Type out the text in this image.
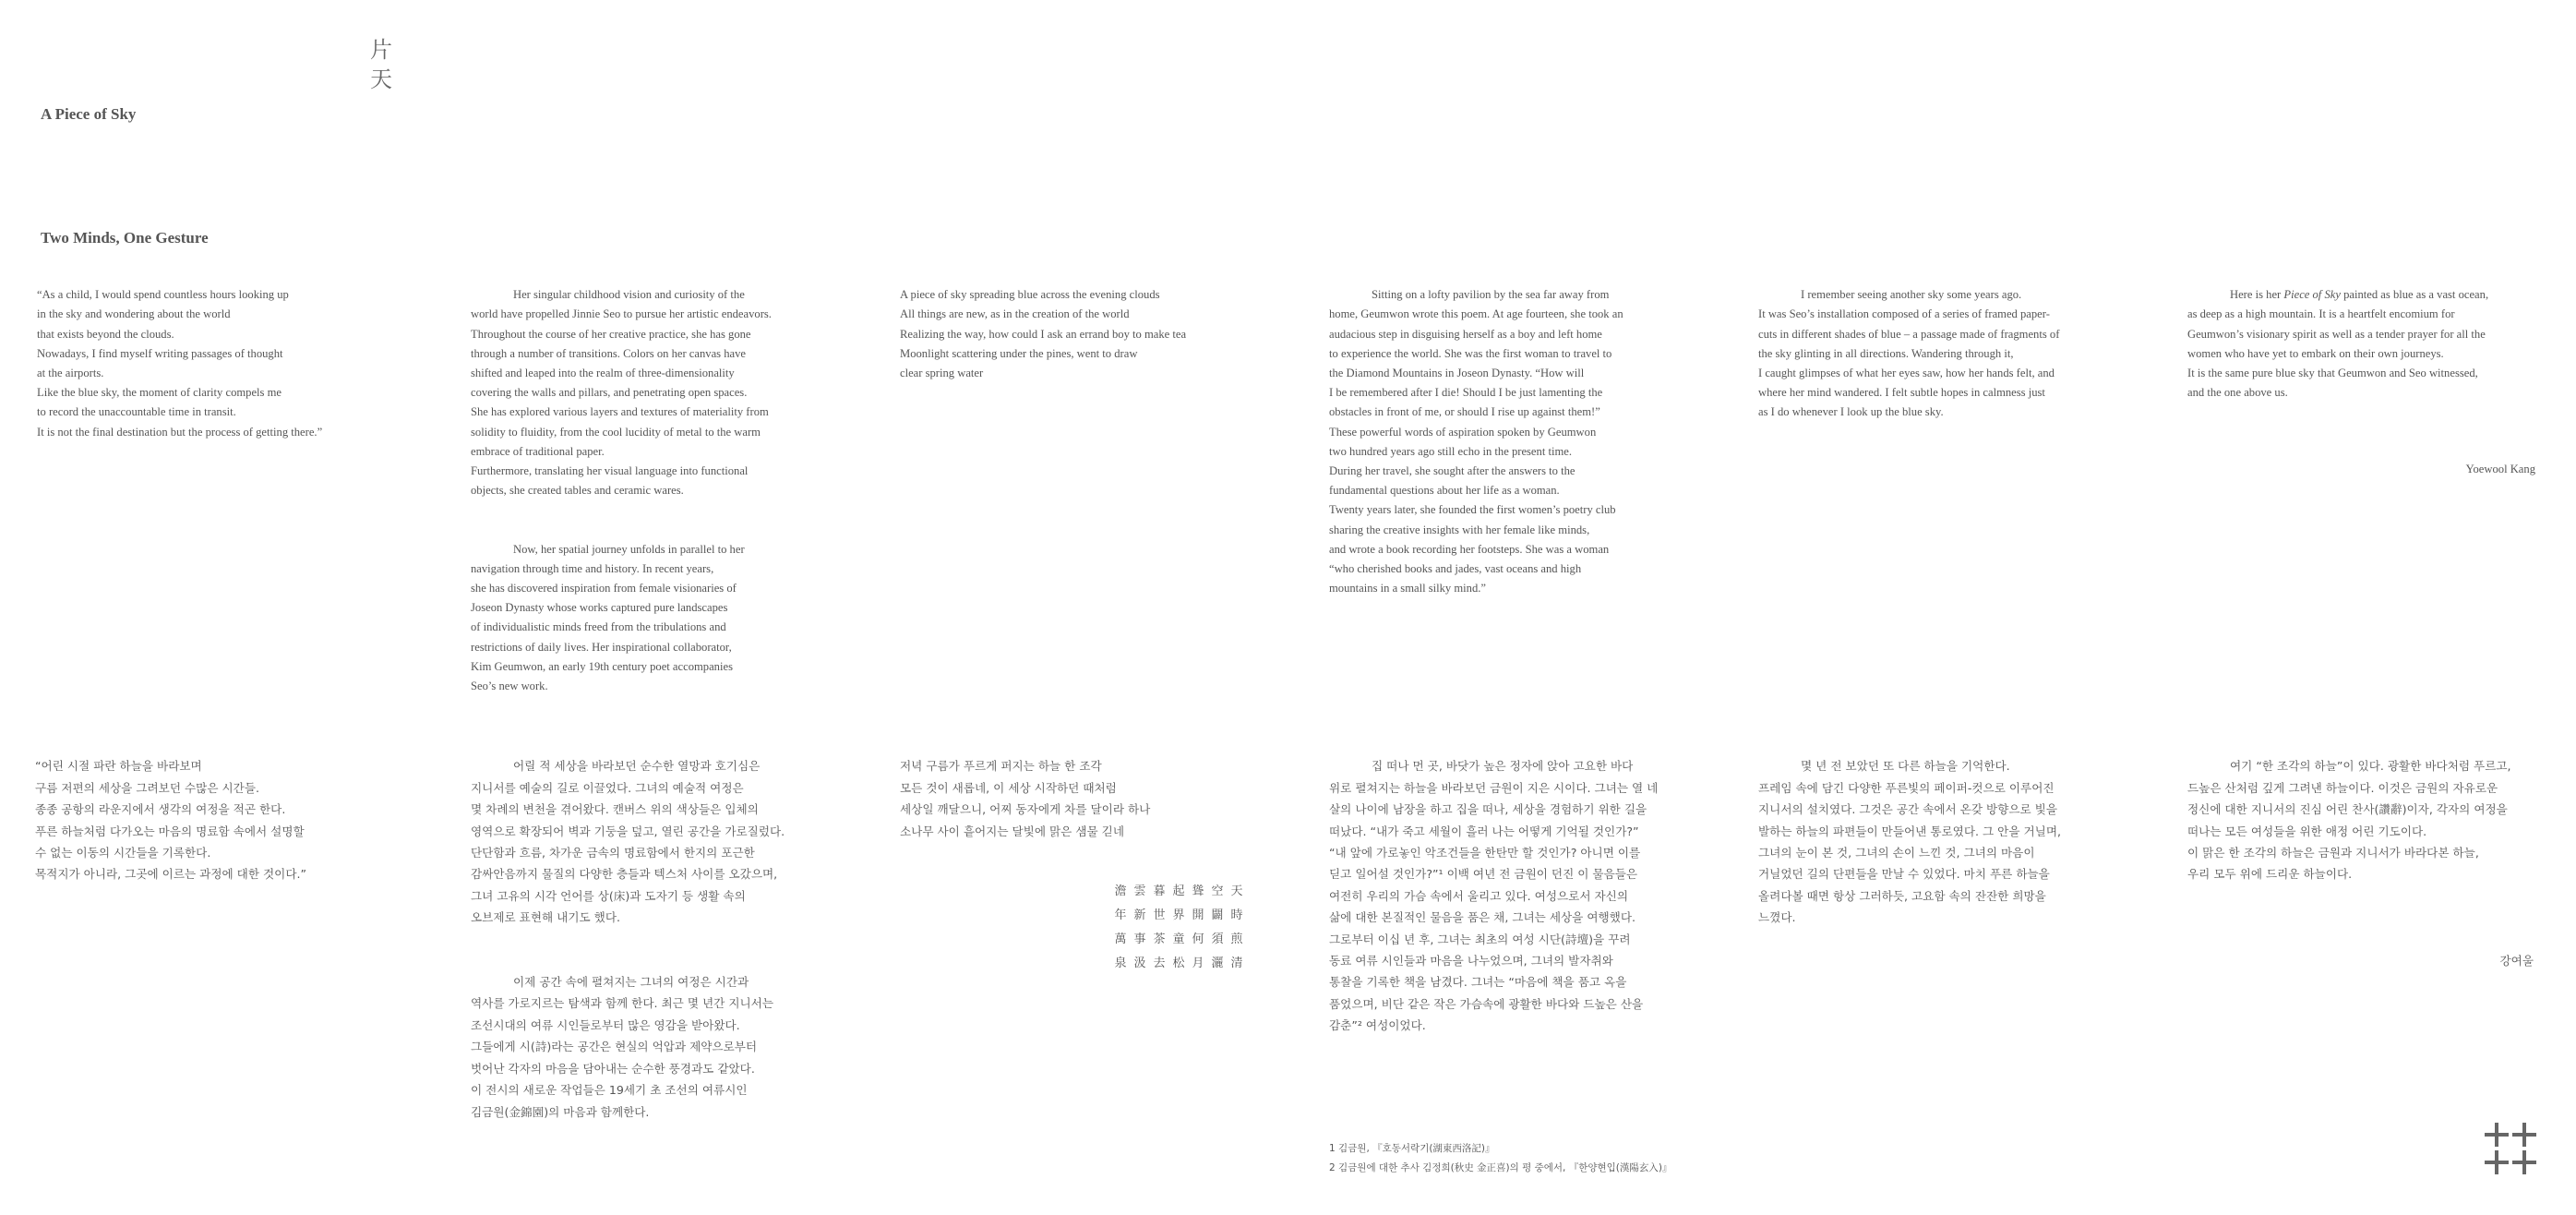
片
天
A Piece of Sky
Two Minds, One Gesture

“As a child, I would spend countless hours looking up
in the sky and wondering about the world
that exists beyond the clouds.
Nowadays, I find myself writing passages of thought
at the airports.
Like the blue sky, the moment of clarity compels me
to record the unaccountable time in transit.
It is not the final destination but the process of getting there.”

Her singular childhood vision and curiosity of the
world have propelled Jinnie Seo to pursue her artistic endeavors.
Throughout the course of her creative practice, she has gone
through a number of transitions. Colors on her canvas have
shifted and leaped into the realm of three-dimensionality
covering the walls and pillars, and penetrating open spaces.
She has explored various layers and textures of materiality from
solidity to fluidity, from the cool lucidity of metal to the warm
embrace of traditional paper.
Furthermore, translating her visual language into functional
objects, she created tables and ceramic wares.

Now, her spatial journey unfolds in parallel to her
navigation through time and history. In recent years,
she has discovered inspiration from female visionaries of
Joseon Dynasty whose works captured pure landscapes
of individualistic minds freed from the tribulations and
restrictions of daily lives. Her inspirational collaborator,
Kim Geumwon, an early 19th century poet accompanies
Seo’s new work.

A piece of sky spreading blue across the evening clouds
All things are new, as in the creation of the world
Realizing the way, how could I ask an errand boy to make tea
Moonlight scattering under the pines, went to draw
clear spring water

Sitting on a lofty pavilion by the sea far away from
home, Geumwon wrote this poem. At age fourteen, she took an
audacious step in disguising herself as a boy and left home
to experience the world. She was the first woman to travel to
the Diamond Mountains in Joseon Dynasty. “How will
I be remembered after I die! Should I be just lamenting the
obstacles in front of me, or should I rise up against them!”
These powerful words of aspiration spoken by Geumwon
two hundred years ago still echo in the present time.
During her travel, she sought after the answers to the
fundamental questions about her life as a woman.
Twenty years later, she founded the first women’s poetry club
sharing the creative insights with her female like minds,
and wrote a book recording her footsteps. She was a woman
“who cherished books and jades, vast oceans and high
mountains in a small silky mind.”

I remember seeing another sky some years ago.
It was Seo’s installation composed of a series of framed paper-
cuts in different shades of blue – a passage made of fragments of
the sky glinting in all directions. Wandering through it,
I caught glimpses of what her eyes saw, how her hands felt, and
where her mind wandered. I felt subtle hopes in calmness just
as I do whenever I look up the blue sky.

Here is her Piece of Sky painted as blue as a vast ocean,
as deep as a high mountain. It is a heartfelt encomium for
Geumwon’s visionary spirit as well as a tender prayer for all the
women who have yet to embark on their own journeys.
It is the same pure blue sky that Geumwon and Seo witnessed,
and the one above us.

Yoewool Kang

“어린 시절 파란 하늘을 바라보며
구름 저편의 세상을 그려보던 수많은 시간들.
종종 공항의 라운지에서 생각의 여정을 적곤 한다.
푸른 하늘처럼 다가오는 마음의 명료함 속에서 설명할
수 없는 이동의 시간들을 기록한다.
목적지가 아니라, 그곳에 이르는 과정에 대한 것이다.”

어릴 적 세상을 바라보던 순수한 열망과 호기심은
지니서를 예술의 길로 이끌었다. 그녀의 예술적 여정은
몇 차례의 변천을 겪어왔다. 캔버스 위의 색상들은 입체의
영역으로 확장되어 벽과 기둥을 덮고, 열린 공간을 가로질렀다.
단단함과 흐름, 차가운 금속의 명료함에서 한지의 포근한
감싸안음까지 물질의 다양한 층들과 텍스처 사이를 오갔으며,
그녀 고유의 시각 언어를 상(床)과 도자기 등 생활 속의
오브제로 표현해 내기도 했다.

이제 공간 속에 펼쳐지는 그녀의 여정은 시간과
역사를 가로지르는 탐색과 함께 한다. 최근 몇 년간 지니서는
조선시대의 여류 시인들로부터 많은 영감을 받아왔다.
그들에게 시(詩)라는 공간은 현실의 억압과 제약으로부터
벗어난 각자의 마음을 담아내는 순수한 풍경과도 같았다.
이 전시의 새로운 작업들은 19세기 초 조선의 여류시인
김금원(金錦園)의 마음과 함께한다.

저녁 구름가 푸르게 퍼지는 하늘 한 조각
모든 것이 새롭네, 이 세상 시작하던 때처럼
세상일 깨달으니, 어찌 동자에게 차를 달이라 하나
소나무 사이 흩어지는 달빛에 맑은 샘물 긷네

집 떠나 먼 곳, 바닷가 높은 정자에 앉아 고요한 바다
위로 펼쳐지는 하늘을 바라보던 금원이 지은 시이다. 그녀는 열 네
살의 나이에 남장을 하고 집을 떠나, 세상을 경험하기 위한 길을
떠났다. “내가 죽고 세월이 흘러 나는 어떻게 기억될 것인가?”
“내 앞에 가로놓인 악조건들을 한탄만 할 것인가? 아니면 이를
딛고 일어설 것인가?”¹ 이백 여년 전 금원이 던진 이 물음들은
여전히 우리의 가슴 속에서 울리고 있다. 여성으로서 자신의
삶에 대한 본질적인 물음을 품은 채, 그녀는 세상을 여행했다.
그로부터 이십 년 후, 그녀는 최초의 여성 시단(詩壇)을 꾸려
동료 여류 시인들과 마음을 나누었으며, 그녀의 발자취와
통찰을 기록한 책을 남겼다. 그녀는 “마음에 책을 품고 옥을
품었으며, 비단 같은 작은 가슴속에 광활한 바다와 드높은 산을
감춘”² 여성이었다.

몇 년 전 보았던 또 다른 하늘을 기억한다.
프레임 속에 담긴 다양한 푸른빛의 페이퍼-컷으로 이루어진
지니서의 설치였다. 그것은 공간 속에서 온갖 방향으로 빛을
발하는 하늘의 파편들이 만들어낸 통로였다. 그 안을 거닐며,
그녀의 눈이 본 것, 그녀의 손이 느낀 것, 그녀의 마음이
거닐었던 길의 단편들을 만날 수 있었다. 마치 푸른 하늘을
올려다볼 때면 항상 그러하듯, 고요함 속의 잔잔한 희망을
느꼈다.

여기 “한 조각의 하늘”이 있다. 광활한 바다처럼 푸르고,
드높은 산처럼 깊게 그려낸 하늘이다. 이것은 금원의 자유로운
정신에 대한 지니서의 진심 어린 찬사(讚辭)이자, 각자의 여정을
떠나는 모든 여성들을 위한 애정 어린 기도이다.
이 맑은 한 조각의 하늘은 금원과 지니서가 바라다본 하늘,
우리 모두 위에 드리운 하늘이다.

강여울
澹 雲 暮 起 聳 空 天
年 新 世 界 開 闢 時
萬 事 茶 童 何 須 煎
泉 汲 去 松 月 灑 清
1 김금원, 『호동서락기(湖東西洛記)』
2 김금원에 대한 추사 김정희(秋史 金正喜)의 평 중에서, 『한양현입(漢陽玄入)』
